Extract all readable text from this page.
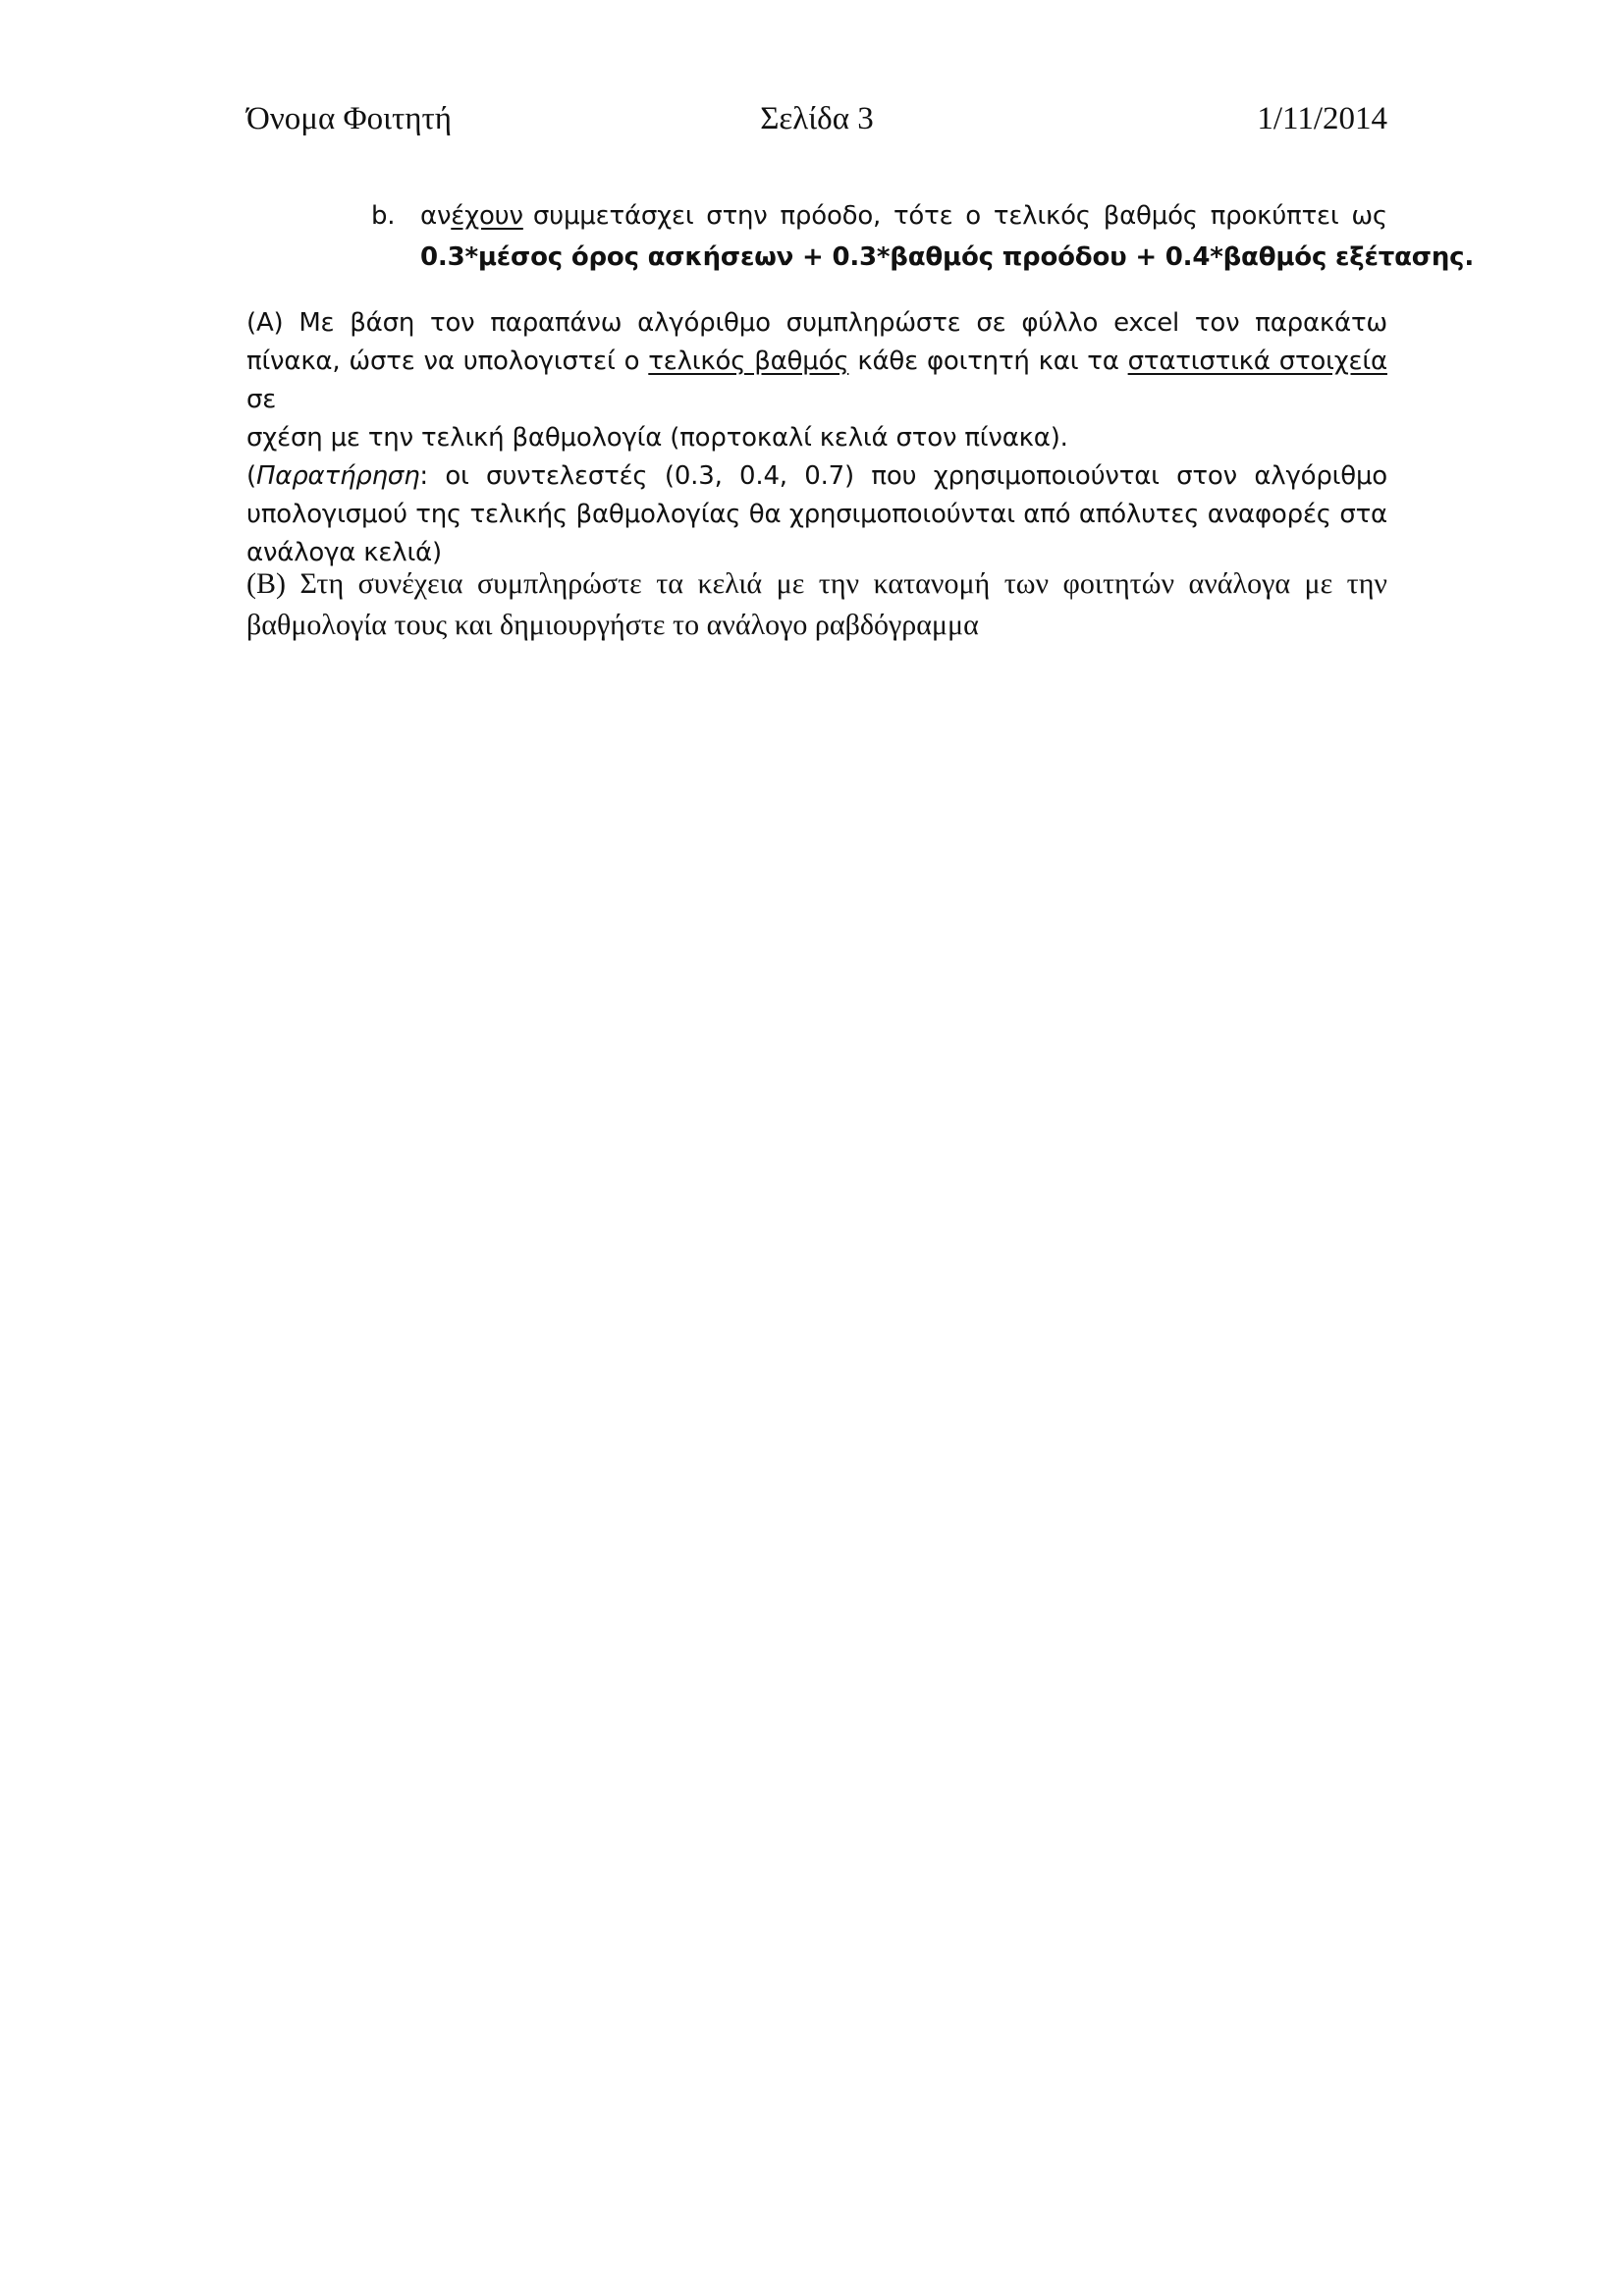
Όνομα Φοιτητή	Σελίδα 3	1/11/2014
b. αν έχουν συμμετάσχει στην πρόοδο, τότε ο τελικός βαθμός προκύπτει ως
0.3*μέσος όρος ασκήσεων + 0.3*βαθμός προόδου + 0.4*βαθμός εξέτασης.
(Α) Με βάση τον παραπάνω αλγόριθμο συμπληρώστε σε φύλλο excel τον παρακάτω
πίνακα, ώστε να υπολογιστεί ο τελικός βαθμός κάθε φοιτητή και τα στατιστικά στοιχεία σε
σχέση με την τελική βαθμολογία (πορτοκαλί κελιά στον πίνακα).
(Παρατήρηση: οι συντελεστές (0.3, 0.4, 0.7) που χρησιμοποιούνται στον αλγόριθμο
υπολογισμού της τελικής βαθμολογίας θα χρησιμοποιούνται από απόλυτες αναφορές στα
ανάλογα κελιά)
(Β) Στη συνέχεια συμπληρώστε τα κελιά με την κατανομή των φοιτητών ανάλογα με την
βαθμολογία τους και δημιουργήστε το ανάλογο ραβδόγραμμα
